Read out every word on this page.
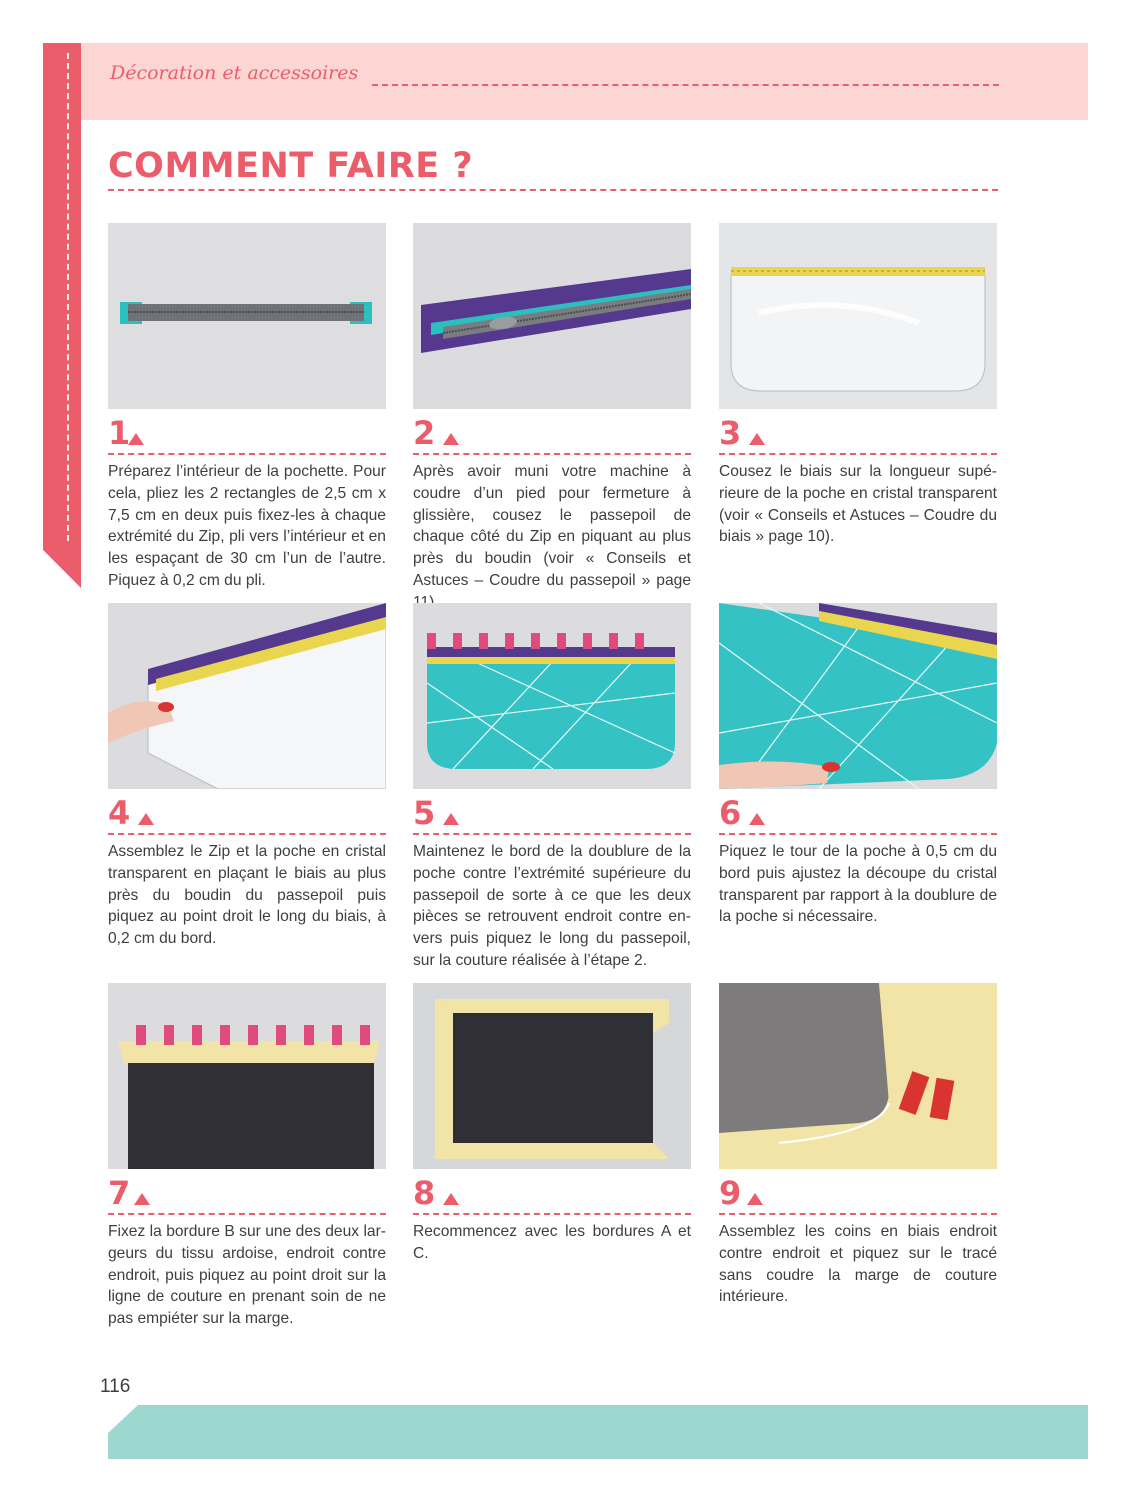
Décoration et accessoires
COMMENT FAIRE ?
1
Préparez l’intérieur de la pochette. Pour cela, pliez les 2 rectangles de 2,5 cm x 7,5 cm en deux puis fixez-les à chaque extrémité du Zip, pli vers l’intérieur et en les espaçant de 30 cm l’un de l’autre. Piquez à 0,2 cm du pli.
2
Après avoir muni votre machine à coudre d’un pied pour fermeture à glissière, cousez le passepoil de chaque côté du Zip en piquant au plus près du boudin (voir « Conseils et Astuces – Coudre du passepoil » page
3
Cousez le biais sur la longueur supérieure de la poche en cristal transparent (voir « Conseils et Astuces – Coudre du biais » page 10).
4
Assemblez le Zip et la poche en cristal transparent en plaçant le biais au plus près du boudin du passepoil puis piquez au point droit le long du biais, à 0,2 cm du bord.
5
Maintenez le bord de la doublure de la poche contre l’extrémité supérieure du passepoil de sorte à ce que les deux pièces se retrouvent endroit contre envers puis piquez le long du passepoil, sur la couture réalisée à l’étape 2.
6
Piquez le tour de la poche à 0,5 cm du bord puis ajustez la découpe du cristal transparent par rapport à la doublure de la poche si nécessaire.
7
Fixez la bordure B sur une des deux largeurs du tissu ardoise, endroit contre endroit, puis piquez au point droit sur la ligne de couture en prenant soin de ne pas empiéter sur la marge.
8
Recommencez avec les bordures A et C.
9
Assemblez les coins en biais endroit contre endroit et piquez sur le tracé sans coudre la marge de couture intérieure.
116
